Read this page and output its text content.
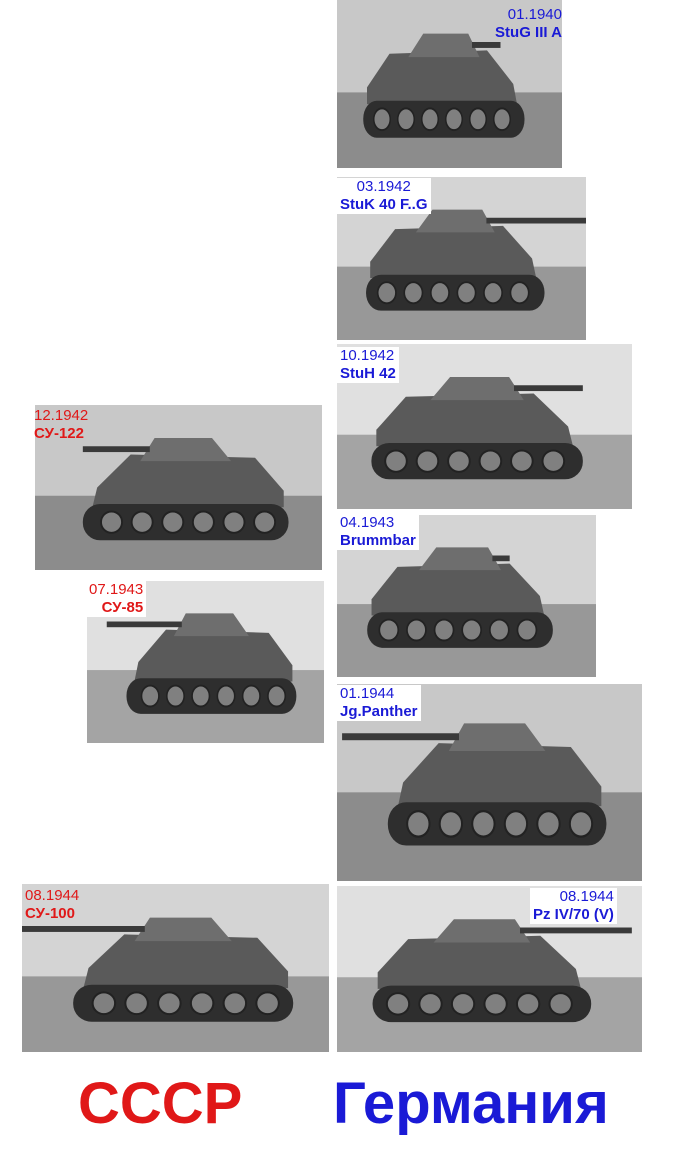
01.1940
StuG III A
03.1942
StuK 40 F..G
10.1942
StuH 42
12.1942
СУ-122
04.1943
Brummbar
07.1943
СУ-85
01.1944
Jg.Panther
08.1944
СУ-100
08.1944
Pz IV/70 (V)
СССР Германия
